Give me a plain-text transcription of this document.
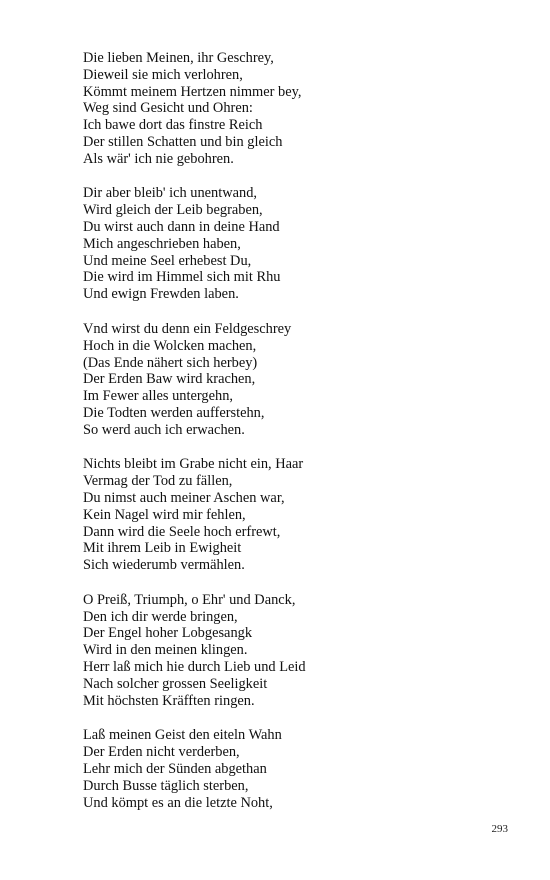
Die lieben Meinen, ihr Geschrey,
Dieweil sie mich verlohren,
Kömmt meinem Hertzen nimmer bey,
Weg sind Gesicht und Ohren:
Ich bawe dort das finstre Reich
Der stillen Schatten und bin gleich
Als wär' ich nie gebohren.
Dir aber bleib' ich unentwand,
Wird gleich der Leib begraben,
Du wirst auch dann in deine Hand
Mich angeschrieben haben,
Und meine Seel erhebest Du,
Die wird im Himmel sich mit Rhu
Und ewign Frewden laben.
Vnd wirst du denn ein Feldgeschrey
Hoch in die Wolcken machen,
(Das Ende nähert sich herbey)
Der Erden Baw wird krachen,
Im Fewer alles untergehn,
Die Todten werden aufferstehn,
So werd auch ich erwachen.
Nichts bleibt im Grabe nicht ein, Haar
Vermag der Tod zu fällen,
Du nimst auch meiner Aschen war,
Kein Nagel wird mir fehlen,
Dann wird die Seele hoch erfrewt,
Mit ihrem Leib in Ewigheit
Sich wiederumb vermählen.
O Preiß, Triumph, o Ehr' und Danck,
Den ich dir werde bringen,
Der Engel hoher Lobgesangk
Wird in den meinen klingen.
Herr laß mich hie durch Lieb und Leid
Nach solcher grossen Seeligkeit
Mit höchsten Kräfften ringen.
Laß meinen Geist den eiteln Wahn
Der Erden nicht verderben,
Lehr mich der Sünden abgethan
Durch Busse täglich sterben,
Und kömpt es an die letzte Noht,
293
